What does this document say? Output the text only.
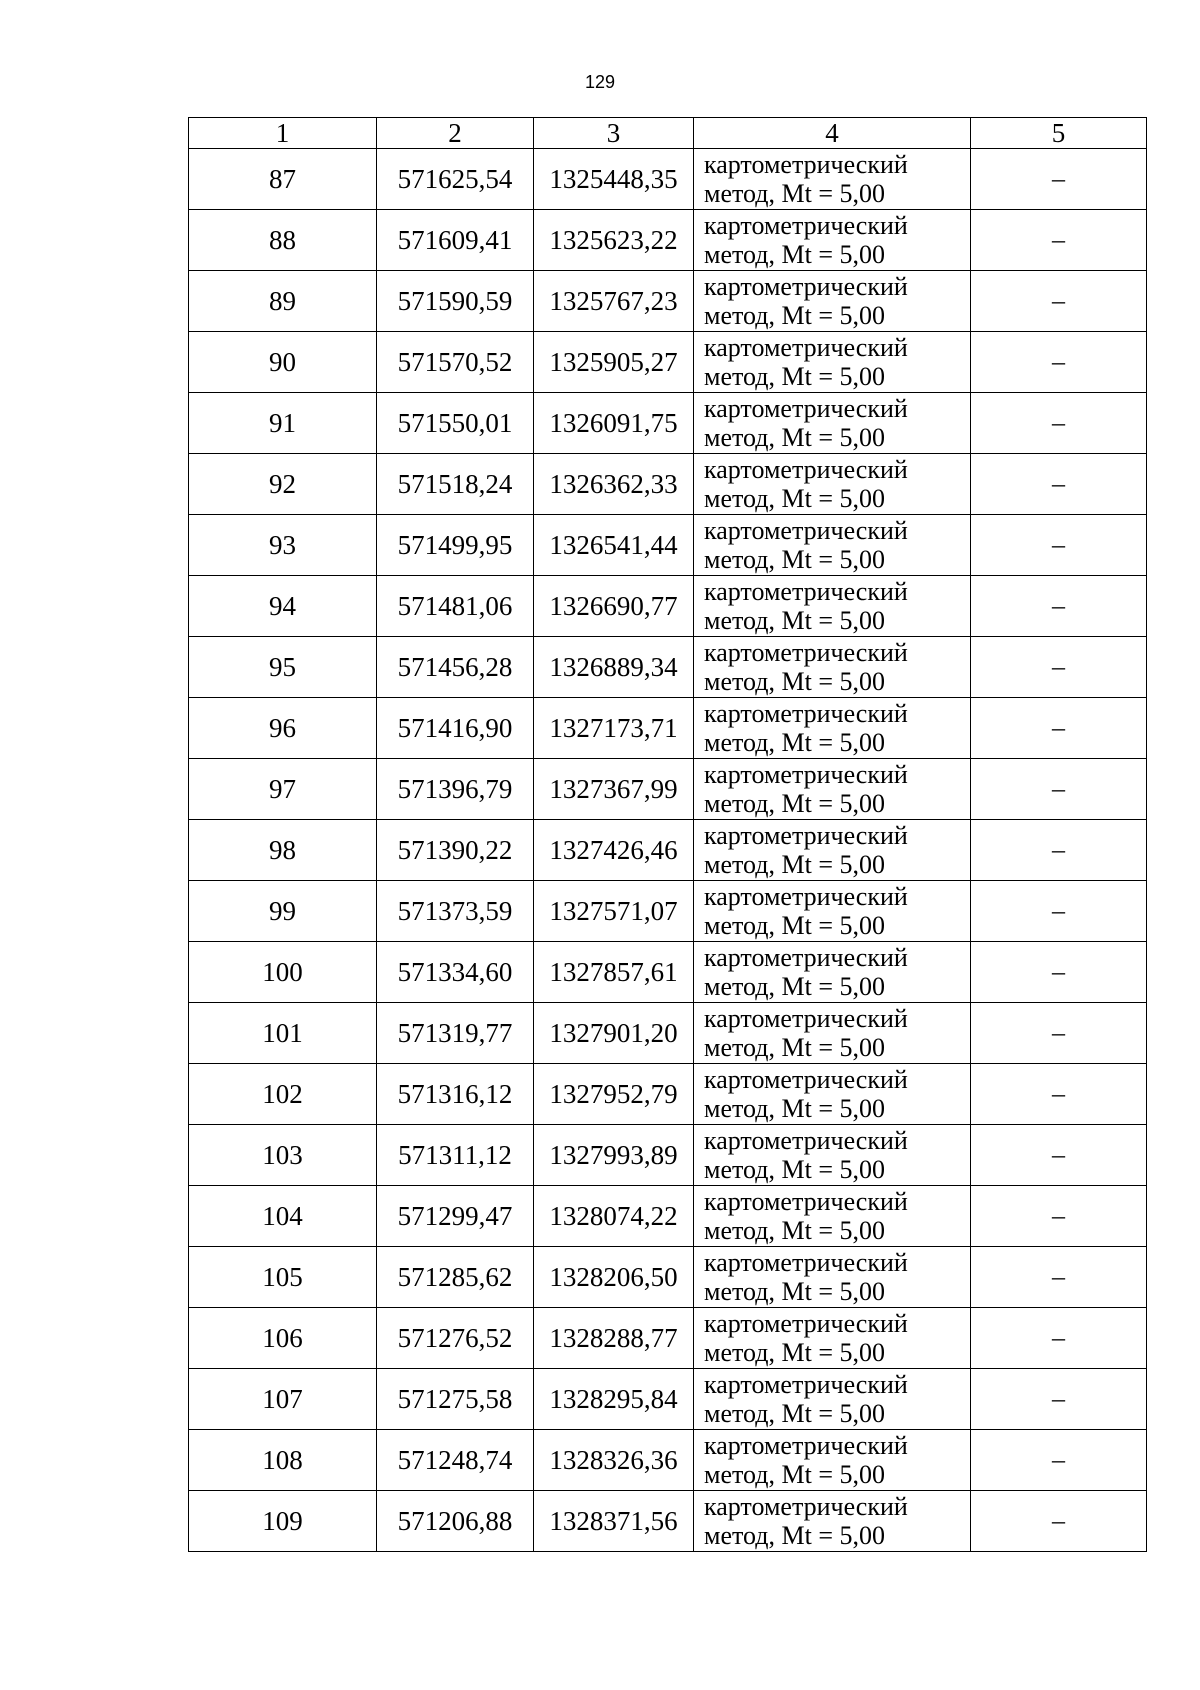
129
1	2	3	4	5
87	571625,54	1325448,35	картометрический
метод, Mt = 5,00	–
88	571609,41	1325623,22	картометрический
метод, Mt = 5,00	–
89	571590,59	1325767,23	картометрический
метод, Mt = 5,00	–
90	571570,52	1325905,27	картометрический
метод, Mt = 5,00	–
91	571550,01	1326091,75	картометрический
метод, Mt = 5,00	–
92	571518,24	1326362,33	картометрический
метод, Mt = 5,00	–
93	571499,95	1326541,44	картометрический
метод, Mt = 5,00	–
94	571481,06	1326690,77	картометрический
метод, Mt = 5,00	–
95	571456,28	1326889,34	картометрический
метод, Mt = 5,00	–
96	571416,90	1327173,71	картометрический
метод, Mt = 5,00	–
97	571396,79	1327367,99	картометрический
метод, Mt = 5,00	–
98	571390,22	1327426,46	картометрический
метод, Mt = 5,00	–
99	571373,59	1327571,07	картометрический
метод, Mt = 5,00	–
100	571334,60	1327857,61	картометрический
метод, Mt = 5,00	–
101	571319,77	1327901,20	картометрический
метод, Mt = 5,00	–
102	571316,12	1327952,79	картометрический
метод, Mt = 5,00	–
103	571311,12	1327993,89	картометрический
метод, Mt = 5,00	–
104	571299,47	1328074,22	картометрический
метод, Mt = 5,00	–
105	571285,62	1328206,50	картометрический
метод, Mt = 5,00	–
106	571276,52	1328288,77	картометрический
метод, Mt = 5,00	–
107	571275,58	1328295,84	картометрический
метод, Mt = 5,00	–
108	571248,74	1328326,36	картометрический
метод, Mt = 5,00	–
109	571206,88	1328371,56	картометрический
метод, Mt = 5,00	–
